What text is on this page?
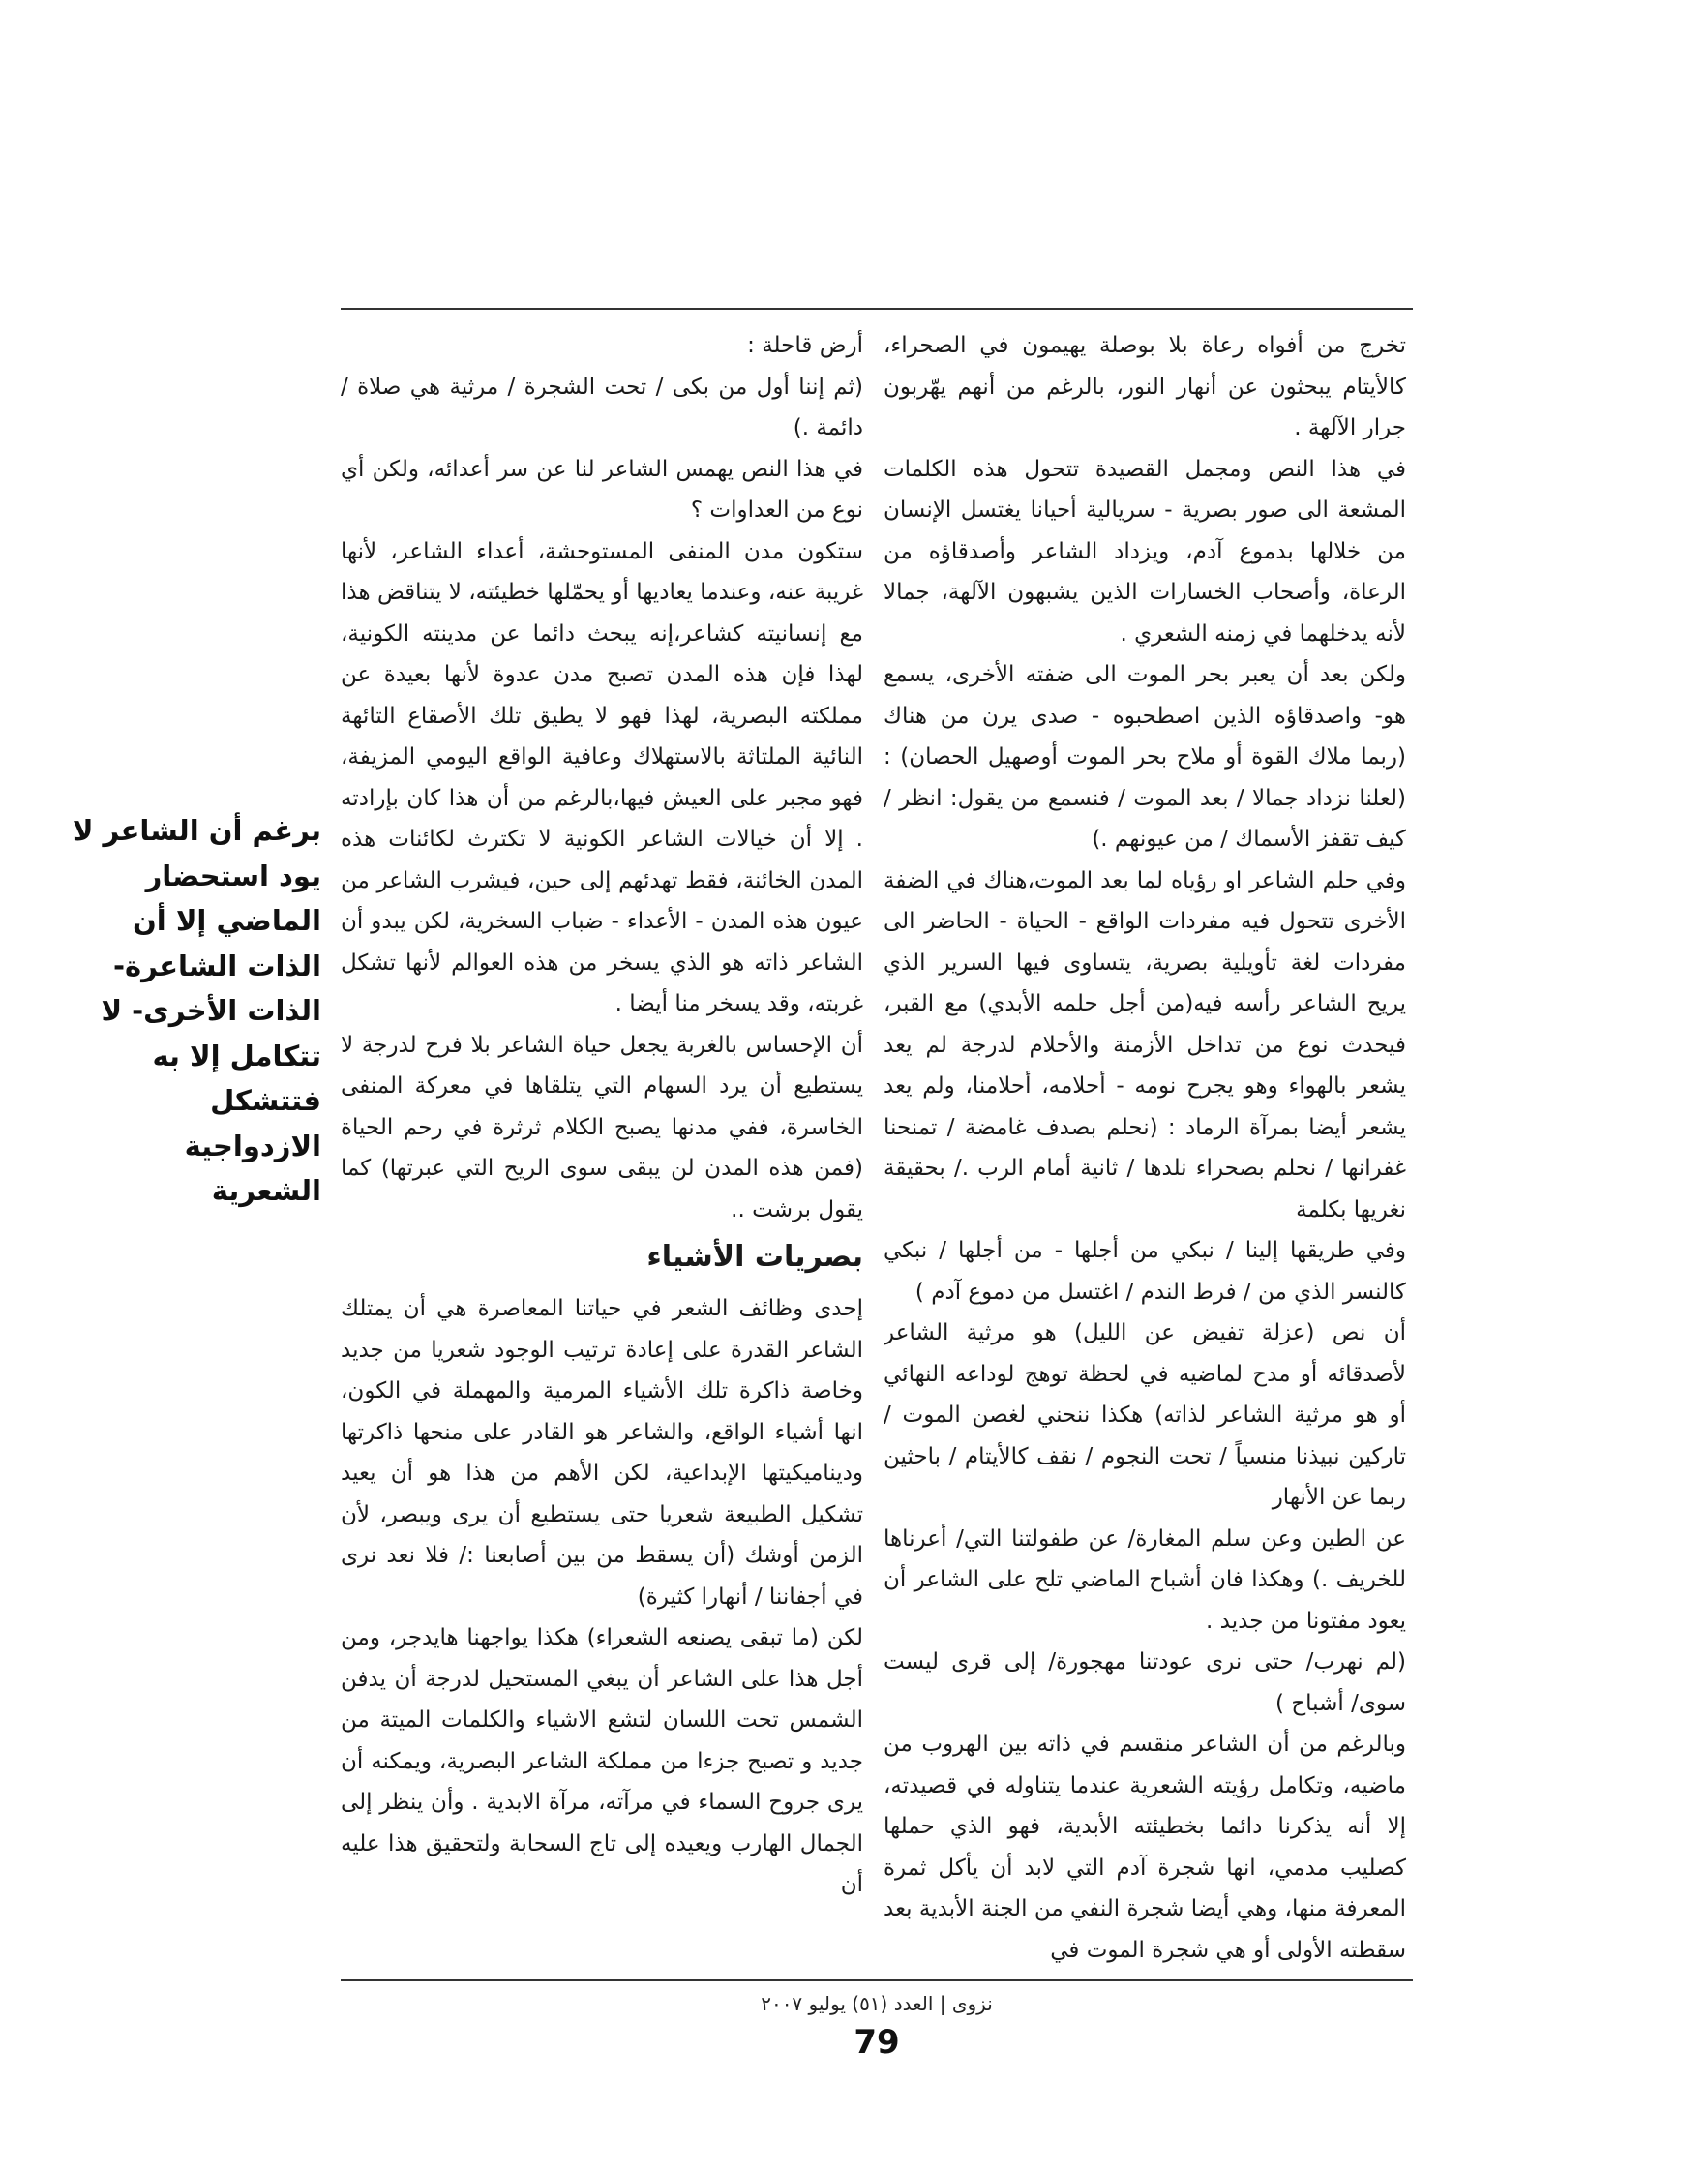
تخرج من أفواه رعاة بلا بوصلة يهيمون في الصحراء، كالأيتام يبحثون عن أنهار النور، بالرغم من أنهم يهّربون جرار الآلهة .

في هذا النص ومجمل القصيدة تتحول هذه الكلمات المشعة الى صور بصرية - سريالية أحيانا يغتسل الإنسان من خلالها بدموع آدم، ويزداد الشاعر وأصدقاؤه من الرعاة، وأصحاب الخسارات الذين يشبهون الآلهة، جمالا لأنه يدخلهما في زمنه الشعري .

ولكن بعد أن يعبر بحر الموت الى ضفته الأخرى، يسمع هو- واصدقاؤه الذين اصطحبوه - صدى يرن من هناك (ربما ملاك القوة أو ملاح بحر الموت أوصهيل الحصان) : (لعلنا نزداد جمالا / بعد الموت / فنسمع من يقول: انظر / كيف تقفز الأسماك / من عيونهم .)

وفي حلم الشاعر او رؤياه لما بعد الموت،هناك في الضفة الأخرى تتحول فيه مفردات الواقع - الحياة - الحاضر الى مفردات لغة تأويلية بصرية، يتساوى فيها السرير الذي يريح الشاعر رأسه فيه(من أجل حلمه الأبدي) مع القبر، فيحدث نوع من تداخل الأزمنة والأحلام لدرجة لم يعد يشعر بالهواء وهو يجرح نومه - أحلامه، أحلامنا، ولم يعد يشعر أيضا بمرآة الرماد : (نحلم بصدف غامضة / تمنحنا غفرانها / نحلم بصحراء نلدها / ثانية أمام الرب ./ بحقيقة نغريها بكلمة

وفي طريقها إلينا / نبكي من أجلها - من أجلها / نبكي كالنسر الذي من / فرط الندم / اغتسل من دموع آدم )

أن نص (عزلة تفيض عن الليل) هو مرثية الشاعر لأصدقائه أو مدح لماضيه في لحظة توهج لوداعه النهائي أو هو مرثية الشاعر لذاته) هكذا ننحني لغصن الموت / تاركين نبيذنا منسياً / تحت النجوم / نقف كالأيتام / باحثين ربما عن الأنهار

عن الطين وعن سلم المغارة/ عن طفولتنا التي/ أعرناها للخريف .) وهكذا فان أشباح الماضي تلح على الشاعر أن يعود مفتونا من جديد .

(لم نهرب/ حتى نرى عودتنا مهجورة/ إلى قرى ليست سوى/ أشباح )

وبالرغم من أن الشاعر منقسم في ذاته بين الهروب من ماضيه، وتكامل رؤيته الشعرية عندما يتناوله في قصيدته، إلا أنه يذكرنا دائما بخطيئته الأبدية، فهو الذي حملها كصليب مدمي، انها شجرة آدم التي لابد أن يأكل ثمرة المعرفة منها، وهي أيضا شجرة النفي من الجنة الأبدية بعد سقطته الأولى أو هي شجرة الموت في

أرض قاحلة :

(ثم إننا أول من بكى / تحت الشجرة / مرثية هي صلاة / دائمة .)

في هذا النص يهمس الشاعر لنا عن سر أعدائه، ولكن أي نوع من العداوات ؟

ستكون مدن المنفى المستوحشة، أعداء الشاعر، لأنها غريبة عنه، وعندما يعاديها أو يحمّلها خطيئته، لا يتناقض هذا مع إنسانيته كشاعر،إنه يبحث دائما عن مدينته الكونية، لهذا فإن هذه المدن تصبح مدن عدوة لأنها بعيدة عن مملكته البصرية، لهذا فهو لا يطيق تلك الأصقاع التائهة النائية الملتاثة بالاستهلاك وعافية الواقع اليومي المزيفة، فهو مجبر على العيش فيها،بالرغم من أن هذا كان بإرادته . إلا أن خيالات الشاعر الكونية لا تكترث لكائنات هذه المدن الخائنة، فقط تهدئهم إلى حين، فيشرب الشاعر من عيون هذه المدن - الأعداء - ضباب السخرية، لكن يبدو أن الشاعر ذاته هو الذي يسخر من هذه العوالم لأنها تشكل غربته، وقد يسخر منا أيضا .

أن الإحساس بالغربة يجعل حياة الشاعر بلا فرح لدرجة لا يستطيع أن يرد السهام التي يتلقاها في معركة المنفى الخاسرة، ففي مدنها يصبح الكلام ثرثرة في رحم الحياة (فمن هذه المدن لن يبقى سوى الريح التي عبرتها) كما يقول برشت ..

بصريات الأشياء

إحدى وظائف الشعر في حياتنا المعاصرة هي أن يمتلك الشاعر القدرة على إعادة ترتيب الوجود شعريا من جديد وخاصة ذاكرة تلك الأشياء المرمية والمهملة في الكون، انها أشياء الواقع، والشاعر هو القادر على منحها ذاكرتها وديناميكيتها الإبداعية، لكن الأهم من هذا هو أن يعيد تشكيل الطبيعة شعريا حتى يستطيع أن يرى ويبصر، لأن الزمن أوشك (أن يسقط من بين أصابعنا :/ فلا نعد نرى في أجفاننا / أنهارا كثيرة)

لكن (ما تبقى يصنعه الشعراء) هكذا يواجهنا هايدجر، ومن أجل هذا على الشاعر أن يبغي المستحيل لدرجة أن يدفن الشمس تحت اللسان لتشع الاشياء والكلمات الميتة من جديد و تصبح جزءا من مملكة الشاعر البصرية، ويمكنه أن يرى جروح السماء في مرآته، مرآة الابدية . وأن ينظر إلى الجمال الهارب ويعيده إلى تاج السحابة ولتحقيق هذا عليه أن

برغم أن الشاعر لا يود استحضار الماضي إلا أن الذات الشاعرة- الذات الأخرى- لا تتكامل إلا به فتتشكل الازدواجية الشعرية
نزوى | العدد (٥١) يوليو ٢٠٠٧
79
